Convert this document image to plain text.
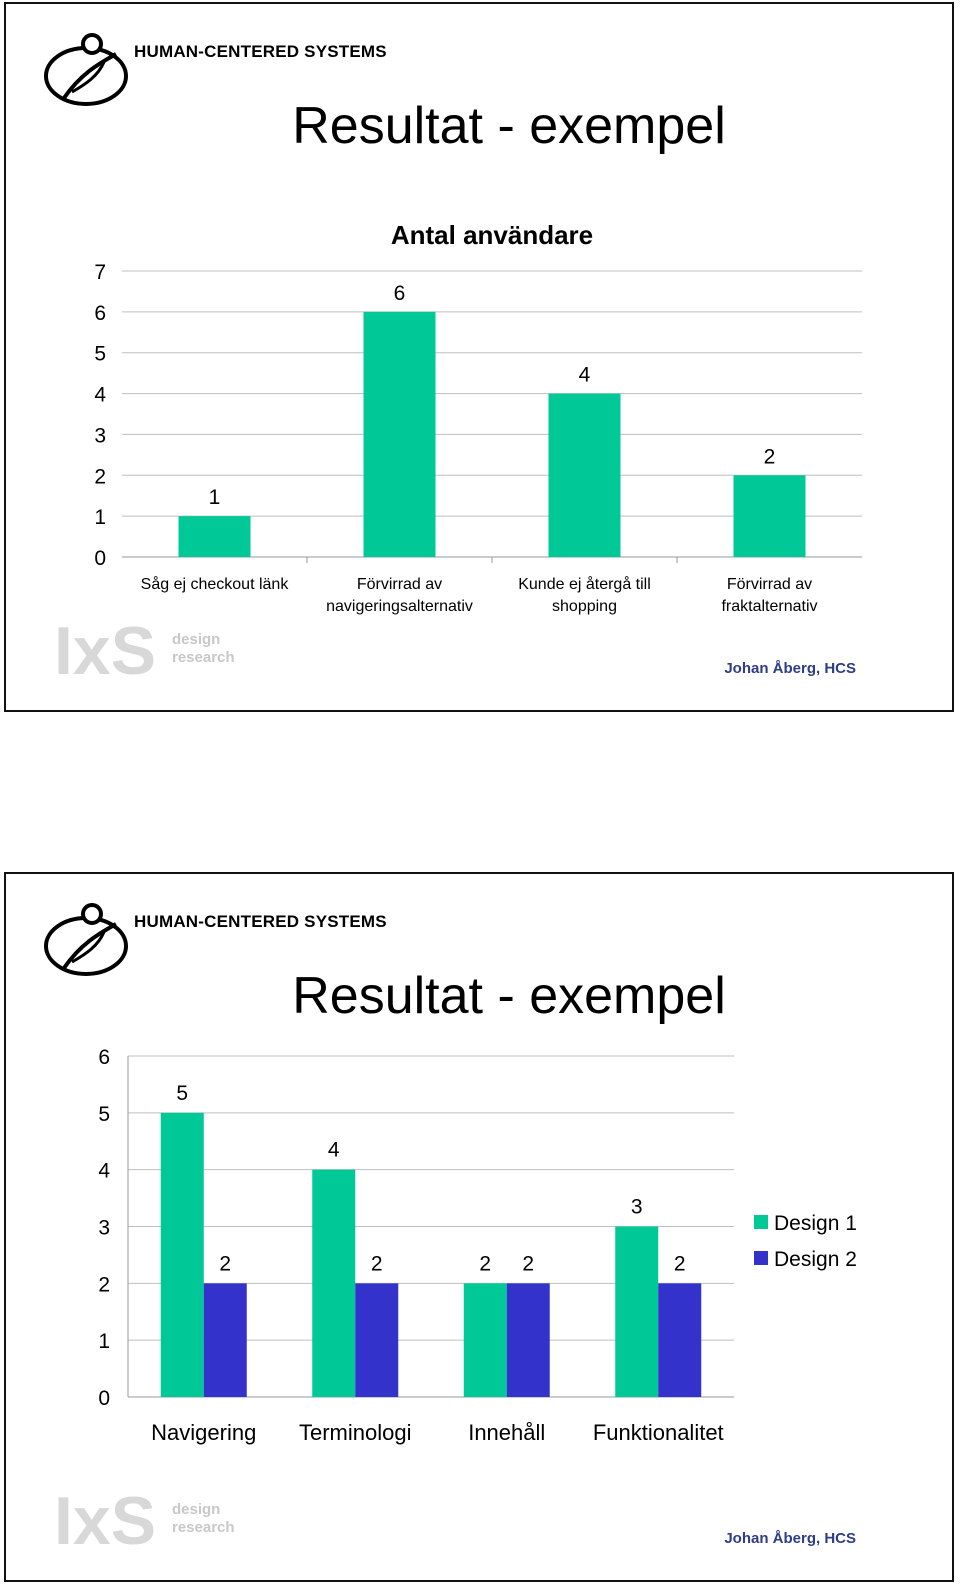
HUMAN-CENTERED SYSTEMS
Resultat - exempel
Antal användare
0
1
2
3
4
5
6
7
1
Såg ej checkout länk
6
Förvirrad av
navigeringsalternativ
4
Kunde ej återgå till
shopping
2
Förvirrad av
fraktalternativ
IxS design
research
Johan Åberg, HCS
HUMAN-CENTERED SYSTEMS
Resultat - exempel
0
1
2
3
4
5
6
5
2
Navigering
4
2
Terminologi
2 2
Innehåll
3
2
Funktionalitet
Design 1
Design 2
IxS design
research
Johan Åberg, HCS
